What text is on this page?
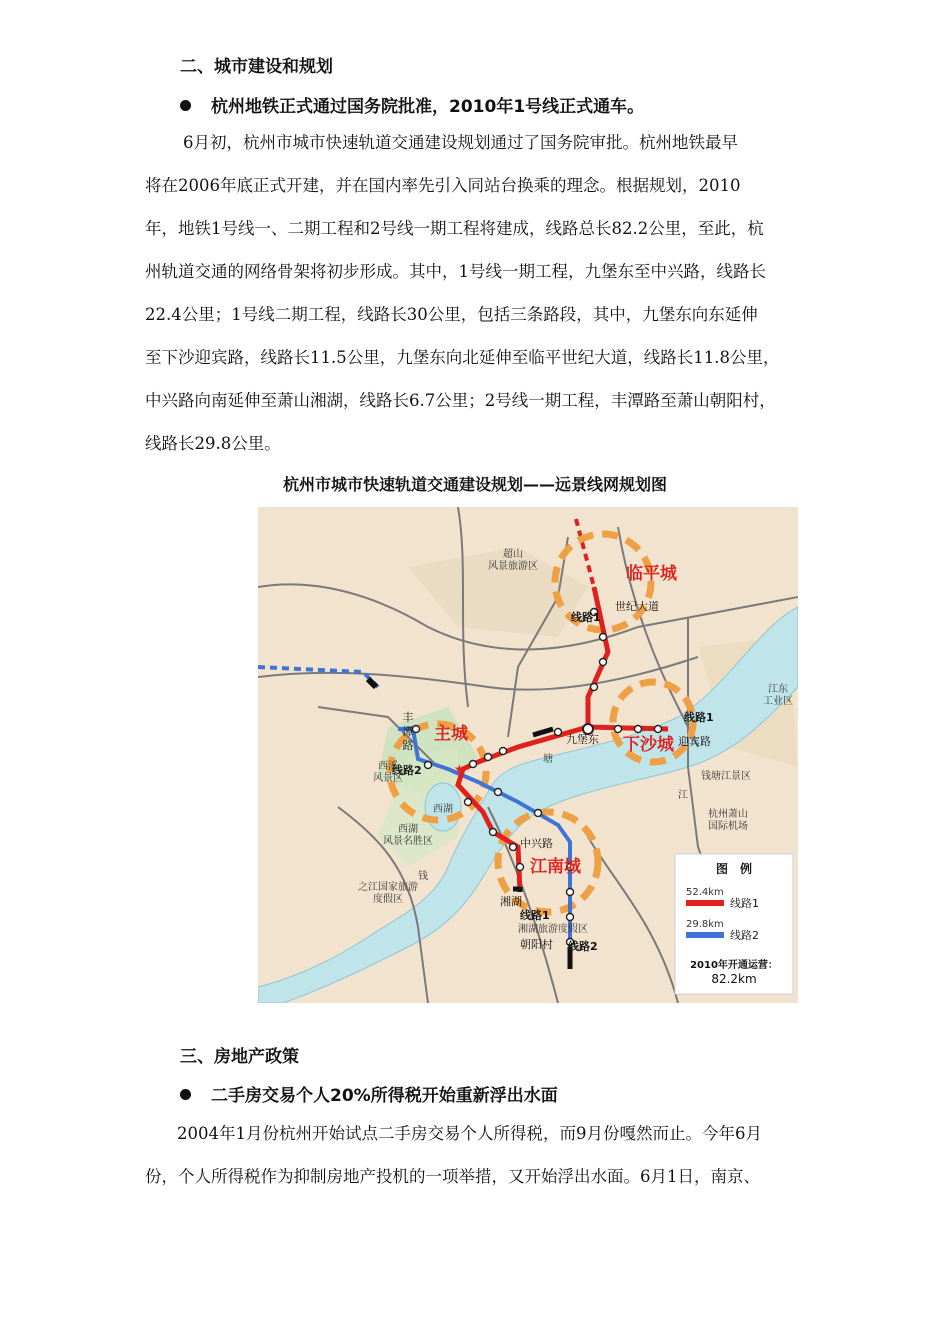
二、城市建设和规划
杭州地铁正式通过国务院批准，2010年1号线正式通车。
6月初，杭州市城市快速轨道交通建设规划通过了国务院审批。杭州地铁最早
将在2006年底正式开建，并在国内率先引入同站台换乘的理念。根据规划，2010
年，地铁1号线一、二期工程和2号线一期工程将建成，线路总长82.2公里，至此，杭
州轨道交通的网络骨架将初步形成。其中，1号线一期工程，九堡东至中兴路，线路长
22.4公里；1号线二期工程，线路长30公里，包括三条路段，其中，九堡东向东延伸
至下沙迎宾路，线路长11.5公里，九堡东向北延伸至临平世纪大道，线路长11.8公里，
中兴路向南延伸至萧山湘湖，线路长6.7公里；2号线一期工程，丰潭路至萧山朝阳村，
线路长29.8公里。
杭州市城市快速轨道交通建设规划——远景线网规划图
超山
风景旅游区
西溪
风景区
西湖
风景名胜区
之江国家旅游
度假区
江东
工业区
钱塘江景区
杭州萧山
国际机场
湘湖旅游度假区
塘
江
钱
西湖
世纪大道
线路1
丰
潭
路
线路2
九堡东
线路1
迎宾路
中兴路
湘湖
线路1
朝阳村 线路2
临平城
主城
下沙城
江南城
★
图　例
52.4km
线路1
29.8km
线路2
2010年开通运营：
82.2km
三、房地产政策
二手房交易个人20%所得税开始重新浮出水面
2004年1月份杭州开始试点二手房交易个人所得税，而9月份嘎然而止。今年6月
份，个人所得税作为抑制房地产投机的一项举措，又开始浮出水面。6月1日，南京、
